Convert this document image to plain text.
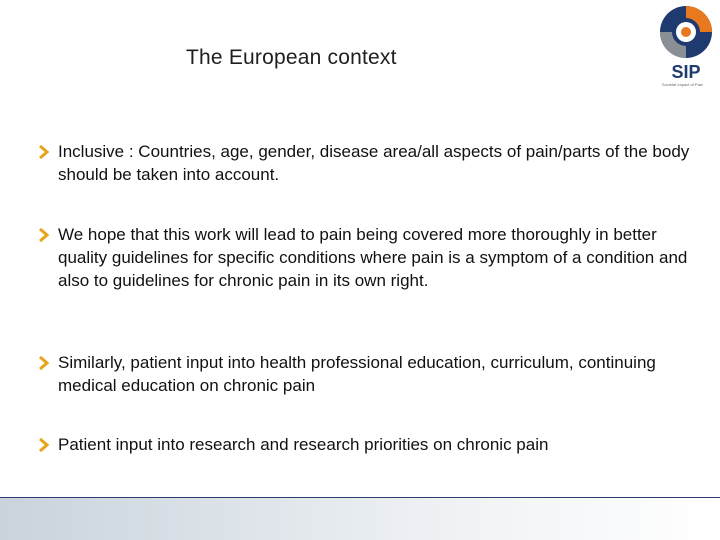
The European context
SIP
Societal Impact of Pain
Inclusive : Countries, age, gender, disease area/all aspects of pain/parts of the body should be taken into account.
We hope that this work will lead to pain being covered more thoroughly in better quality guidelines for specific conditions where pain is a symptom of a condition and also to guidelines for chronic pain in its own right.
Similarly, patient input into health professional education, curriculum, continuing medical education on chronic pain
Patient input into research and research priorities on chronic pain
